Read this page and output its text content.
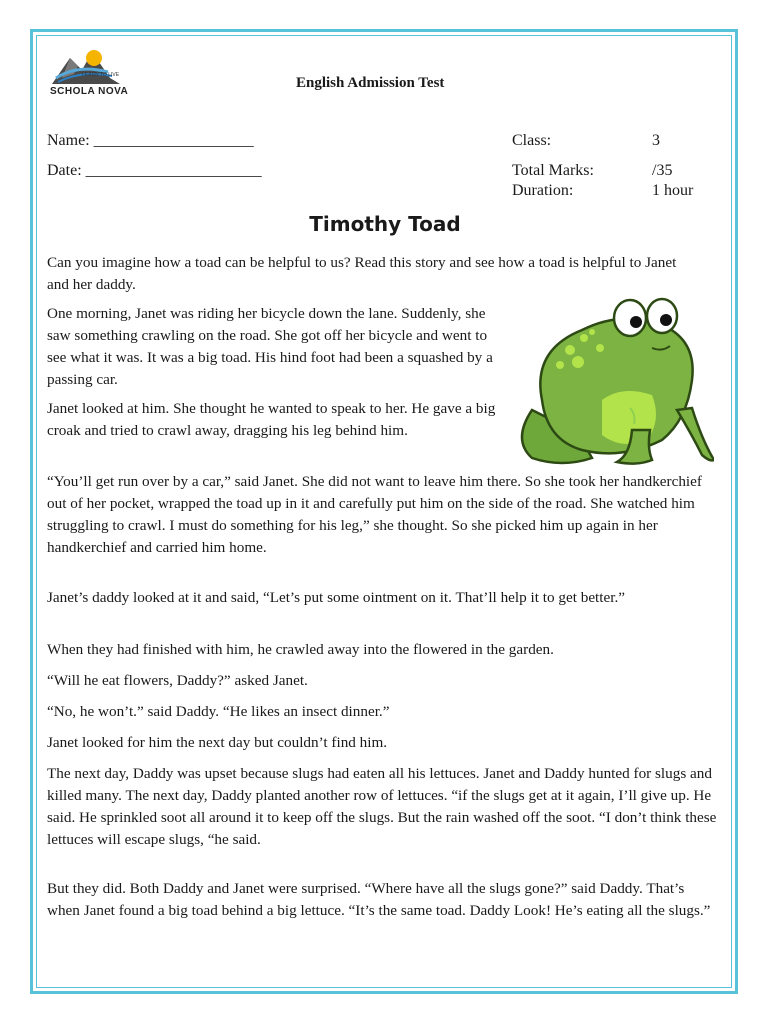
LEARN TO LIVE
SCHOLA NOVA
English Admission Test
Name: ____________________
Date: ______________________
Class:	3
Total Marks:	/35
Duration:	1 hour
Timothy Toad

Can you imagine how a toad can be helpful to us? Read this story and see how a toad is helpful to Janet and her daddy.

One morning, Janet was riding her bicycle down the lane. Suddenly, she saw something crawling on the road. She got off her bicycle and went to see what it was. It was a big toad. His hind foot had been a squashed by a passing car.

Janet looked at him. She thought he wanted to speak to her. He gave a big croak and tried to crawl away, dragging his leg behind him.

“You’ll get run over by a car,” said Janet. She did not want to leave him there. So she took her handkerchief out of her pocket, wrapped the toad up in it and carefully put him on the side of the road. She watched him struggling to crawl. I must do something for his leg,” she thought. So she picked him up again in her handkerchief and carried him home.

Janet’s daddy looked at it and said, “Let’s put some ointment on it. That’ll help it to get better.”

When they had finished with him, he crawled away into the flowered in the garden.

“Will he eat flowers, Daddy?” asked Janet.

“No, he won’t.” said Daddy. “He likes an insect dinner.”

Janet looked for him the next day but couldn’t find him.

The next day, Daddy was upset because slugs had eaten all his lettuces. Janet and Daddy hunted for slugs and killed many. The next day, Daddy planted another row of lettuces. “if the slugs get at it again, I’ll give up. He said. He sprinkled soot all around it to keep off the slugs. But the rain washed off the soot. “I don’t think these lettuces will escape slugs, “he said.

But they did. Both Daddy and Janet were surprised. “Where have all the slugs gone?” said Daddy. That’s when Janet found a big toad behind a big lettuce. “It’s the same toad. Daddy Look! He’s eating all the slugs.”
